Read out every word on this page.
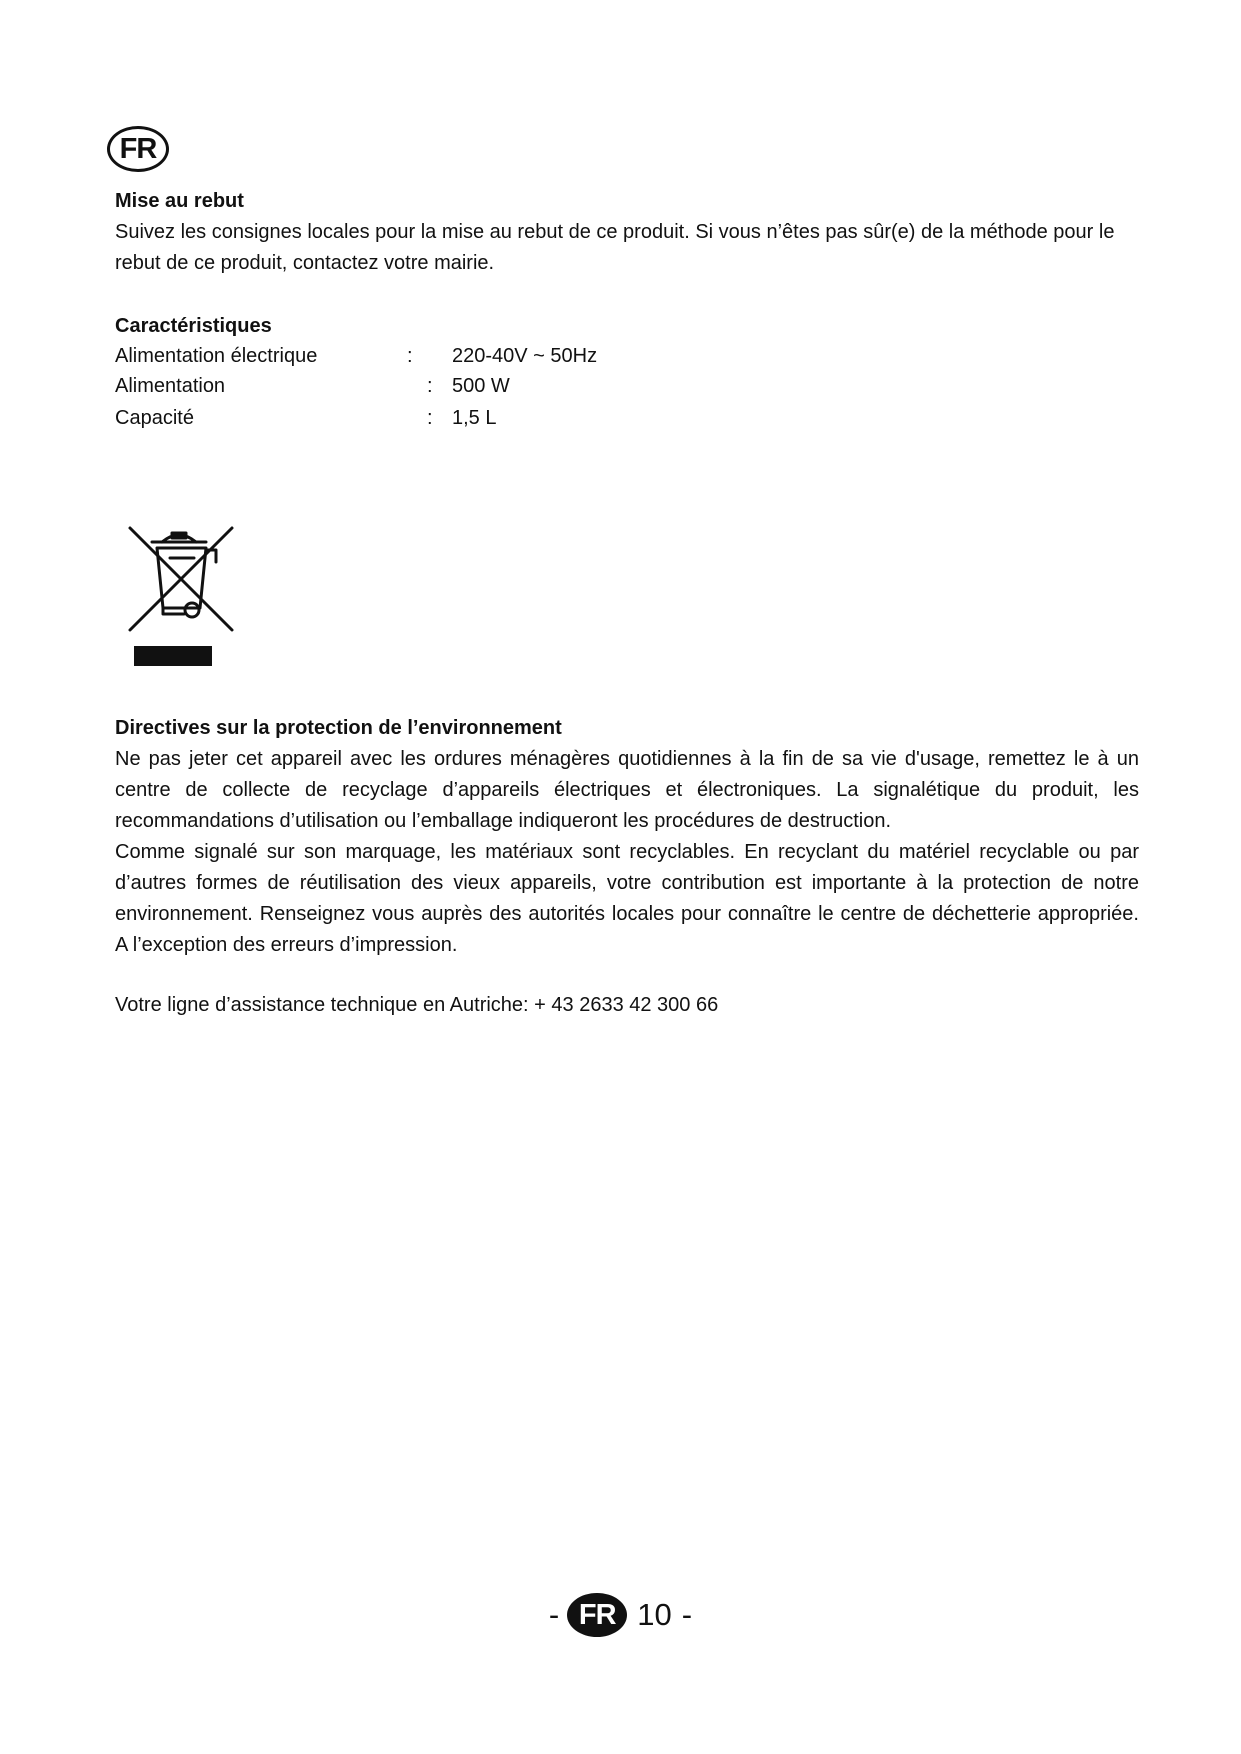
FR
Mise au rebut

Suivez les consignes locales pour la mise au rebut de ce produit. Si vous n’êtes pas sûr(e) de la méthode pour le rebut de ce produit, contactez votre mairie.

Caractéristiques
Alimentation électrique	: 220-40V ~ 50Hz
Alimentation	: 500 W
Capacité	: 1,5 L
Directives sur la protection de l’environnement

Ne pas jeter cet appareil avec les ordures ménagères quotidiennes à la fin de sa vie d'usage, remettez le à un centre de collecte de recyclage d’appareils électriques et électroniques. La signalétique du produit, les recommandations d’utilisation ou l’emballage indiqueront les procédures de destruction.

Comme signalé sur son marquage, les matériaux sont recyclables. En recyclant du matériel recyclable ou par d’autres formes de réutilisation des vieux appareils, votre contribution est importante à la protection de notre environnement. Renseignez vous auprès des autorités locales pour connaître le centre de déchetterie appropriée. A l’exception des erreurs d’impression.

Votre ligne d’assistance technique en Autriche: + 43 2633 42 300 66

- FR 10 -
